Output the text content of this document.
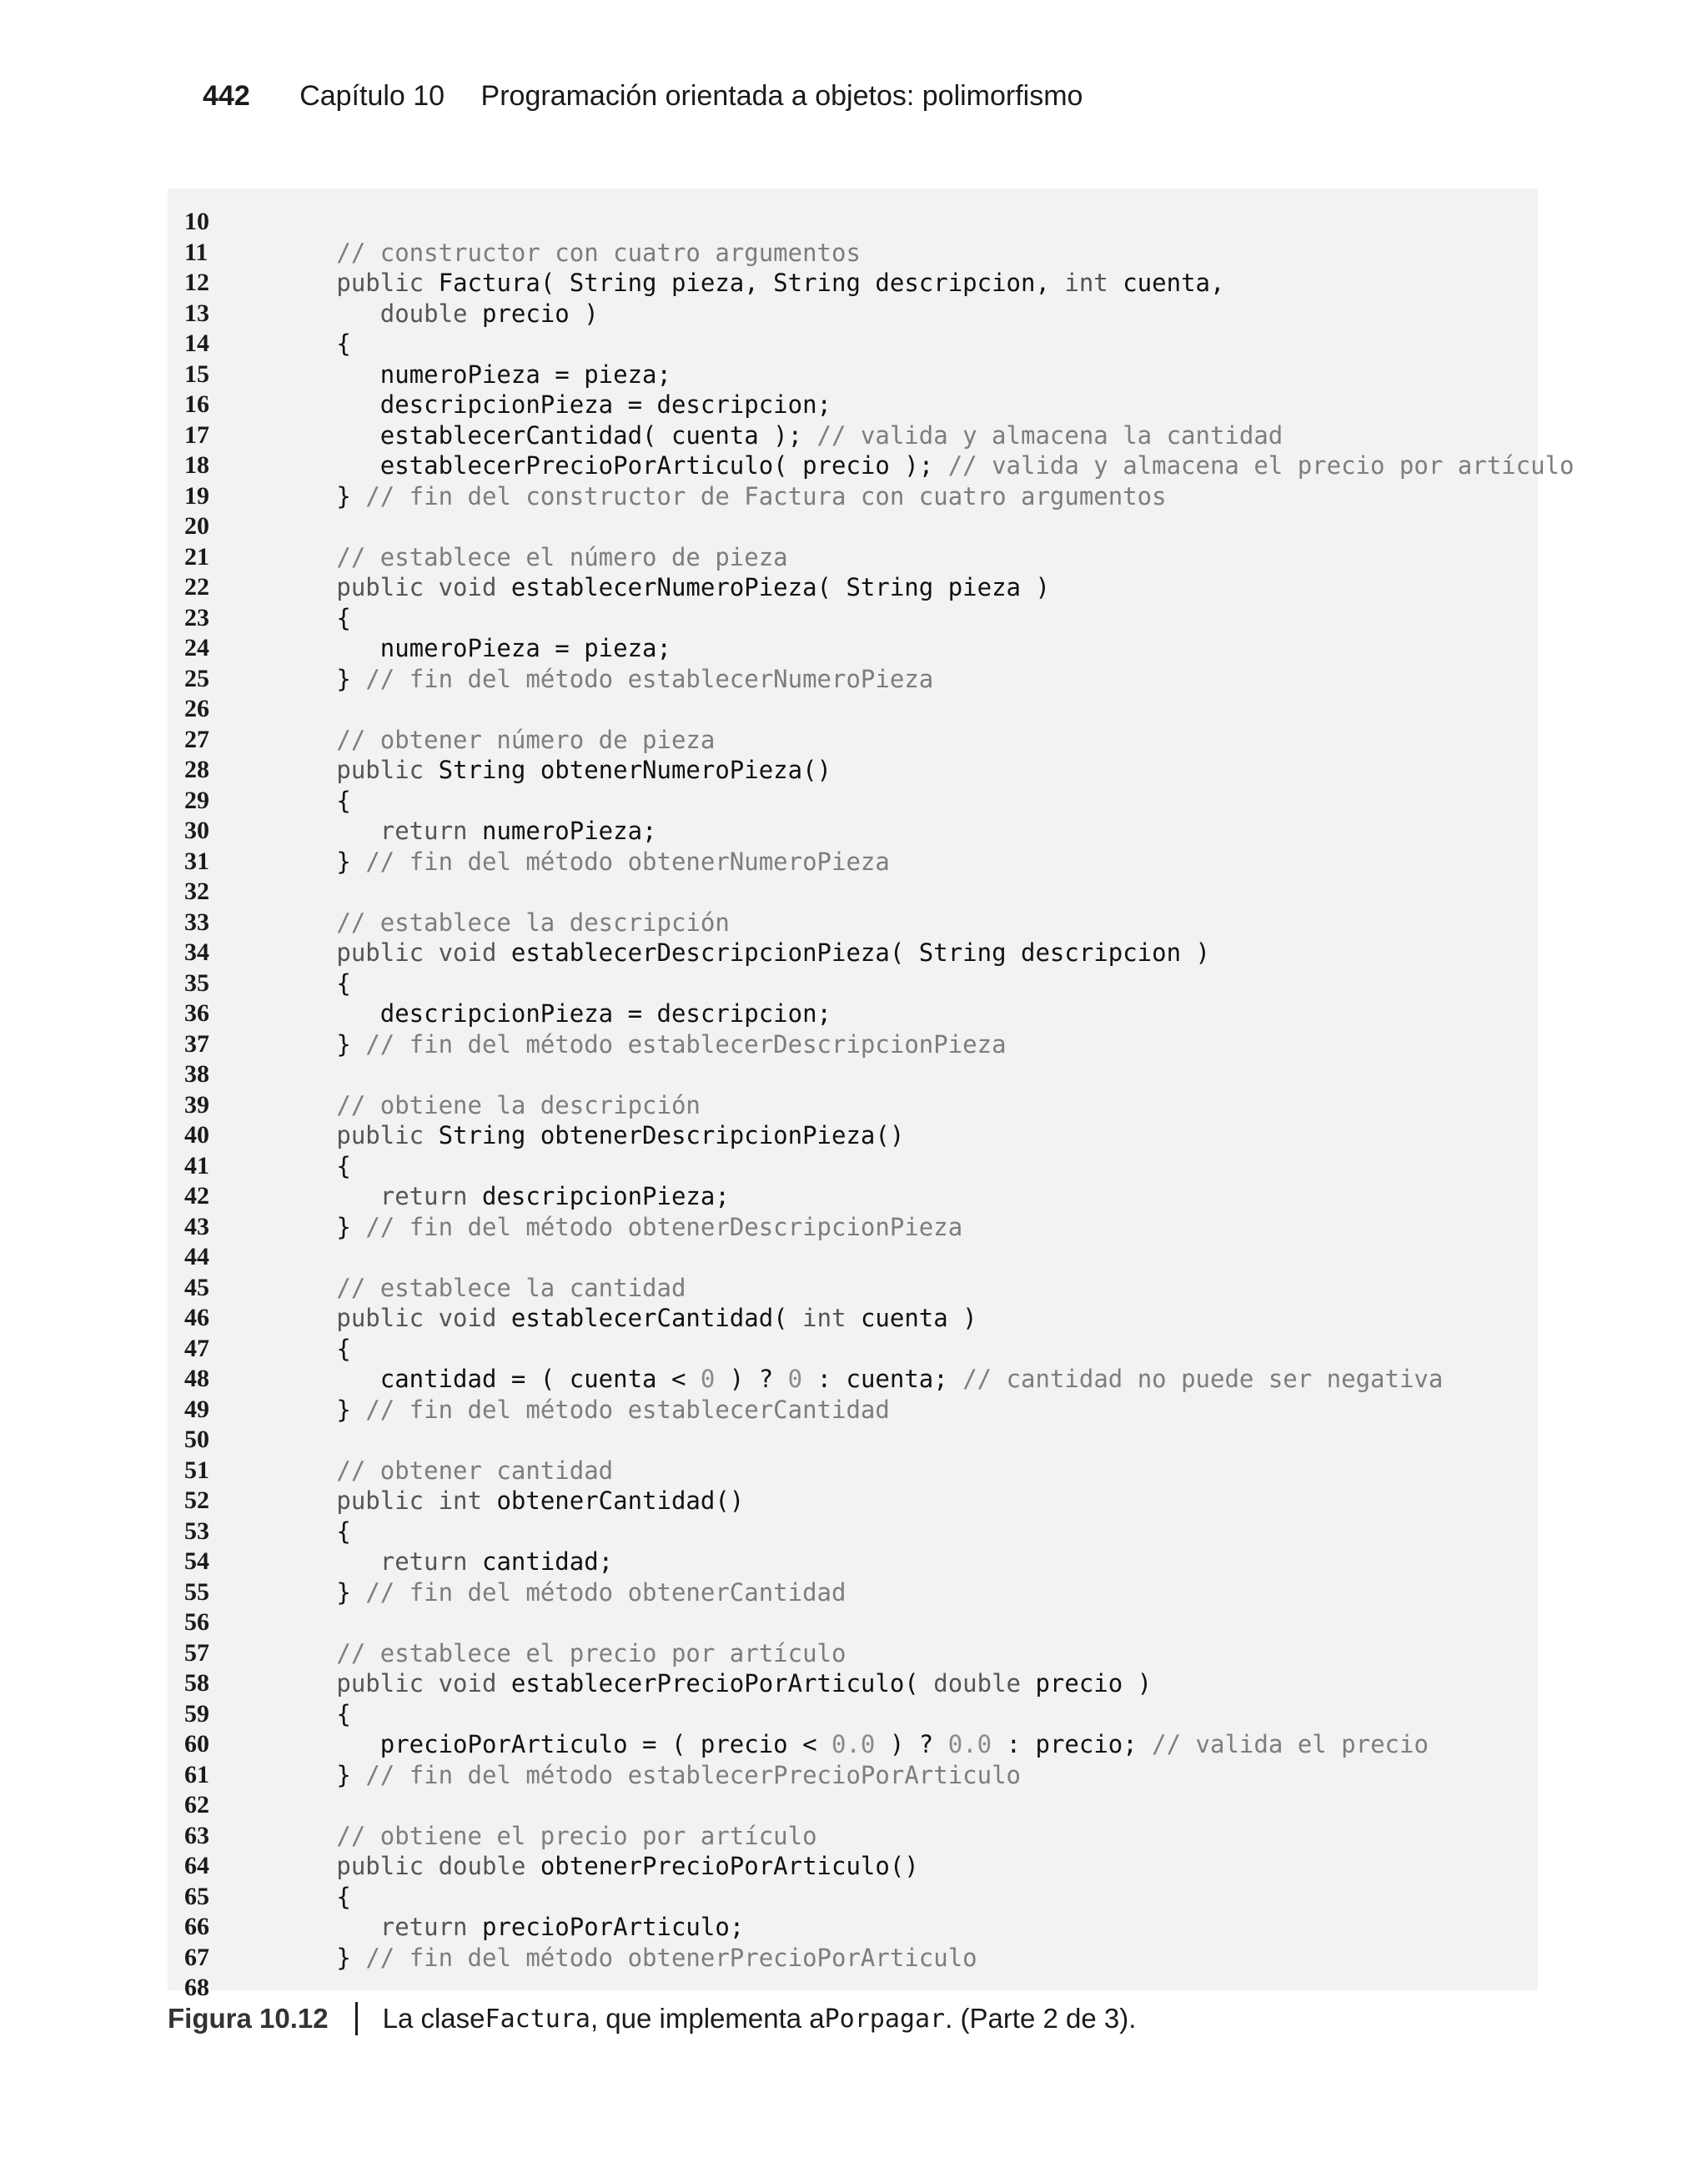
442 Capítulo 10 Programación orientada a objetos: polimorfismo
10
11	// constructor con cuatro argumentos
12	public Factura( String pieza, String descripcion, int cuenta,
13	double precio )
14	{
15	numeroPieza = pieza;
16	descripcionPieza = descripcion;
17	establecerCantidad( cuenta ); // valida y almacena la cantidad
18	establecerPrecioPorArticulo( precio ); // valida y almacena el precio por artículo
19	} // fin del constructor de Factura con cuatro argumentos
20
21	// establece el número de pieza
22	public void establecerNumeroPieza( String pieza )
23	{
24	numeroPieza = pieza;
25	} // fin del método establecerNumeroPieza
26
27	// obtener número de pieza
28	public String obtenerNumeroPieza()
29	{
30	return numeroPieza;
31	} // fin del método obtenerNumeroPieza
32
33	// establece la descripción
34	public void establecerDescripcionPieza( String descripcion )
35	{
36	descripcionPieza = descripcion;
37	} // fin del método establecerDescripcionPieza
38
39	// obtiene la descripción
40	public String obtenerDescripcionPieza()
41	{
42	return descripcionPieza;
43	} // fin del método obtenerDescripcionPieza
44
45	// establece la cantidad
46	public void establecerCantidad( int cuenta )
47	{
48	cantidad = ( cuenta < 0 ) ? 0 : cuenta; // cantidad no puede ser negativa
49	} // fin del método establecerCantidad
50
51	// obtener cantidad
52	public int obtenerCantidad()
53	{
54	return cantidad;
55	} // fin del método obtenerCantidad
56
57	// establece el precio por artículo
58	public void establecerPrecioPorArticulo( double precio )
59	{
60	precioPorArticulo = ( precio < 0.0 ) ? 0.0 : precio; // valida el precio
61	} // fin del método establecerPrecioPorArticulo
62
63	// obtiene el precio por artículo
64	public double obtenerPrecioPorArticulo()
65	{
66	return precioPorArticulo;
67	} // fin del método obtenerPrecioPorArticulo
68
Figura 10.12 La clase Factura , que implementa a Porpagar . (Parte 2 de 3).
